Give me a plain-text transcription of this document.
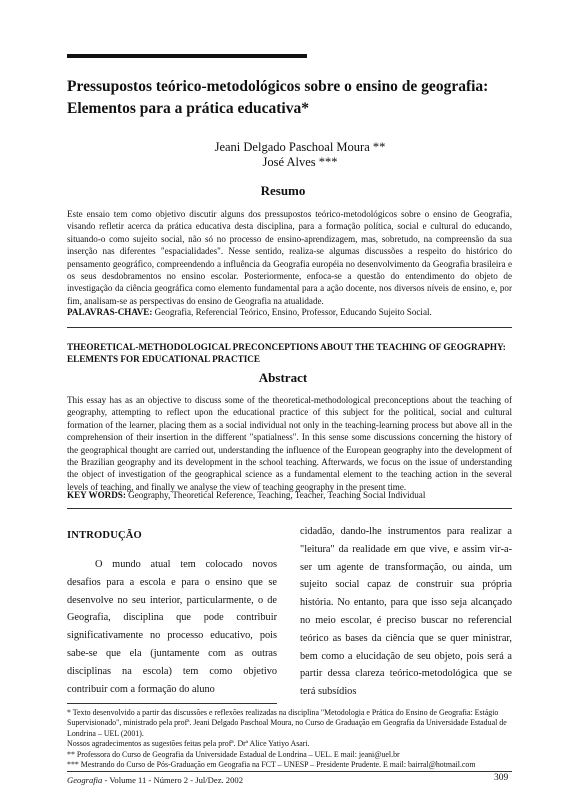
Pressupostos teórico-metodológicos sobre o ensino de geografia: Elementos para a prática educativa*
Jeani Delgado Paschoal Moura **
José Alves ***
Resumo

Este ensaio tem como objetivo discutir alguns dos pressupostos teórico-metodológicos sobre o ensino de Geografia, visando refletir acerca da prática educativa desta disciplina, para a formação política, social e cultural do educando, situando-o como sujeito social, não só no processo de ensino-aprendizagem, mas, sobretudo, na compreensão da sua inserção nas diferentes "espacialidades". Nesse sentido, realiza-se algumas discussões a respeito do histórico do pensamento geográfico, compreendendo a influência da Geografia européia no desenvolvimento da Geografia brasileira e os seus desdobramentos no ensino escolar. Posteriormente, enfoca-se a questão do entendimento do objeto de investigação da ciência geográfica como elemento fundamental para a ação docente, nos diversos níveis de ensino, e, por fim, analisam-se as perspectivas do ensino de Geografia na atualidade.

PALAVRAS-CHAVE: Geografia, Referencial Teórico, Ensino, Professor, Educando Sujeito Social.
THEORETICAL-METHODOLOGICAL PRECONCEPTIONS ABOUT THE TEACHING OF GEOGRAPHY: ELEMENTS FOR EDUCATIONAL PRACTICE
Abstract

This essay has as an objective to discuss some of the theoretical-methodological preconceptions about the teaching of geography, attempting to reflect upon the educational practice of this subject for the political, social and cultural formation of the learner, placing them as a social individual not only in the teaching-learning process but above all in the comprehension of their insertion in the different "spatialness". In this sense some discussions concerning the history of the geographical thought are carried out, understanding the influence of the European geography into the development of the Brazilian geography and its development in the school teaching. Afterwards, we focus on the issue of understanding the object of investigation of the geographical science as a fundamental element to the teaching action in the several levels of teaching, and finally we analyse the view of teaching geography in the present time.

KEY WORDS: Geography, Theoretical Reference, Teaching, Teacher, Teaching Social Individual
INTRODUÇÃO

O mundo atual tem colocado novos desafios para a escola e para o ensino que se desenvolve no seu interior, particularmente, o de Geografia, disciplina que pode contribuir significativamente no processo educativo, pois sabe-se que ela (juntamente com as outras disciplinas na escola) tem como objetivo contribuir com a formação do aluno

cidadão, dando-lhe instrumentos para realizar a "leitura" da realidade em que vive, e assim vir-a-ser um agente de transformação, ou ainda, um sujeito social capaz de construir sua própria história. No entanto, para que isso seja alcançado no meio escolar, é preciso buscar no referencial teórico as bases da ciência que se quer ministrar, bem como a elucidação de seu objeto, pois será a partir dessa clareza teórico-metodológica que se terá subsídios

* Texto desenvolvido a partir das discussões e reflexões realizadas na disciplina "Metodologia e Prática do Ensino de Geografia: Estágio Supervisionado", ministrado pela profª. Jeani Delgado Paschoal Moura, no Curso de Graduação em Geografia da Universidade Estadual de Londrina – UEL (2001).
Nossos agradecimentos as sugestões feitas pela profª. Drª Alice Yatiyo Asari.
** Professora do Curso de Geografia da Universidade Estadual de Londrina – UEL. E mail: jeani@uel.br
*** Mestrando do Curso de Pós-Graduação em Geografia na FCT – UNESP – Presidente Prudente. E mail: bairral@hotmail.com
Geografia - Volume 11 - Número 2 - Jul/Dez. 2002	309
